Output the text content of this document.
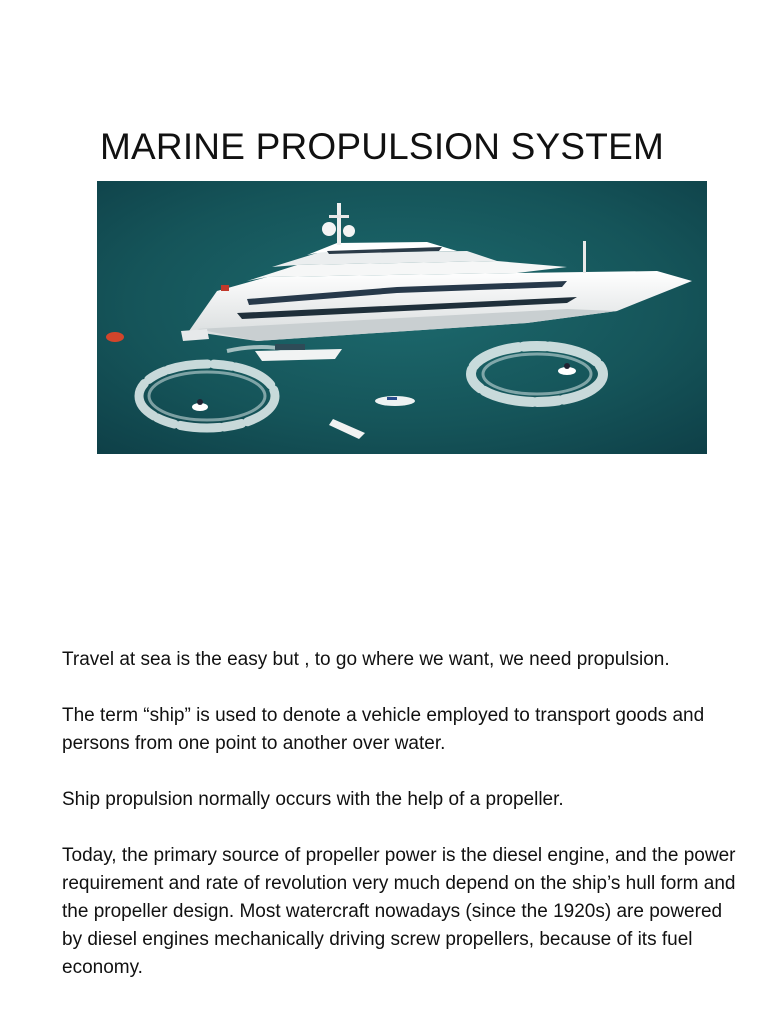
MARINE PROPULSION SYSTEM

Travel at sea is the easy but , to go where we want, we need propulsion.

The term “ship” is used to denote a vehicle employed to transport goods and persons from one point to another over water.

Ship propulsion normally occurs with the help of a propeller.

Today, the primary source of propeller power is the diesel engine, and the power requirement and rate of revolution very much depend on the ship’s hull form and the propeller design. Most watercraft nowadays (since the 1920s) are powered by diesel engines mechanically driving screw propellers, because of its fuel economy.
